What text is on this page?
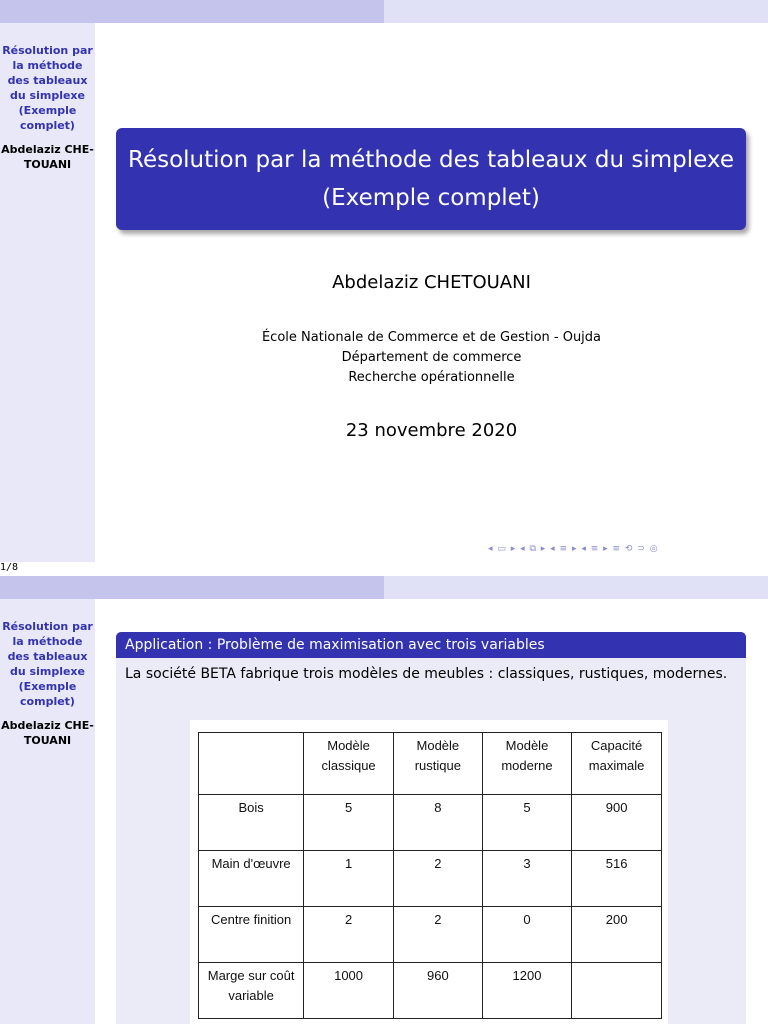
Résolution par la méthode des tableaux du simplexe (Exemple complet)
Abdelaziz CHE-TOUANI	Résolution par la méthode des tableaux du simplexe (Exemple complet)
Abdelaziz CHETOUANI
École Nationale de Commerce et de Gestion - Oujda
Département de commerce
Recherche opérationnelle
23 novembre 2020
◂ ▭ ▸ ◂ ⧉ ▸ ◂ ≡ ▸ ◂ ≡ ▸ ≡ ⟲ ⊃ ◎
1/8
Résolution par la méthode des tableaux du simplexe (Exemple complet)
Abdelaziz CHE-TOUANI
Application : Problème de maximisation avec trois variables
La société BETA fabrique trois modèles de meubles : classiques, rustiques, modernes.
	Modèle classique	Modèle rustique	Modèle moderne	Capacité maximale
Bois	5	8	5	900
Main d'œuvre	1	2	3	516
Centre finition	2	2	0	200
Marge sur coût variable	1000	960	1200	
